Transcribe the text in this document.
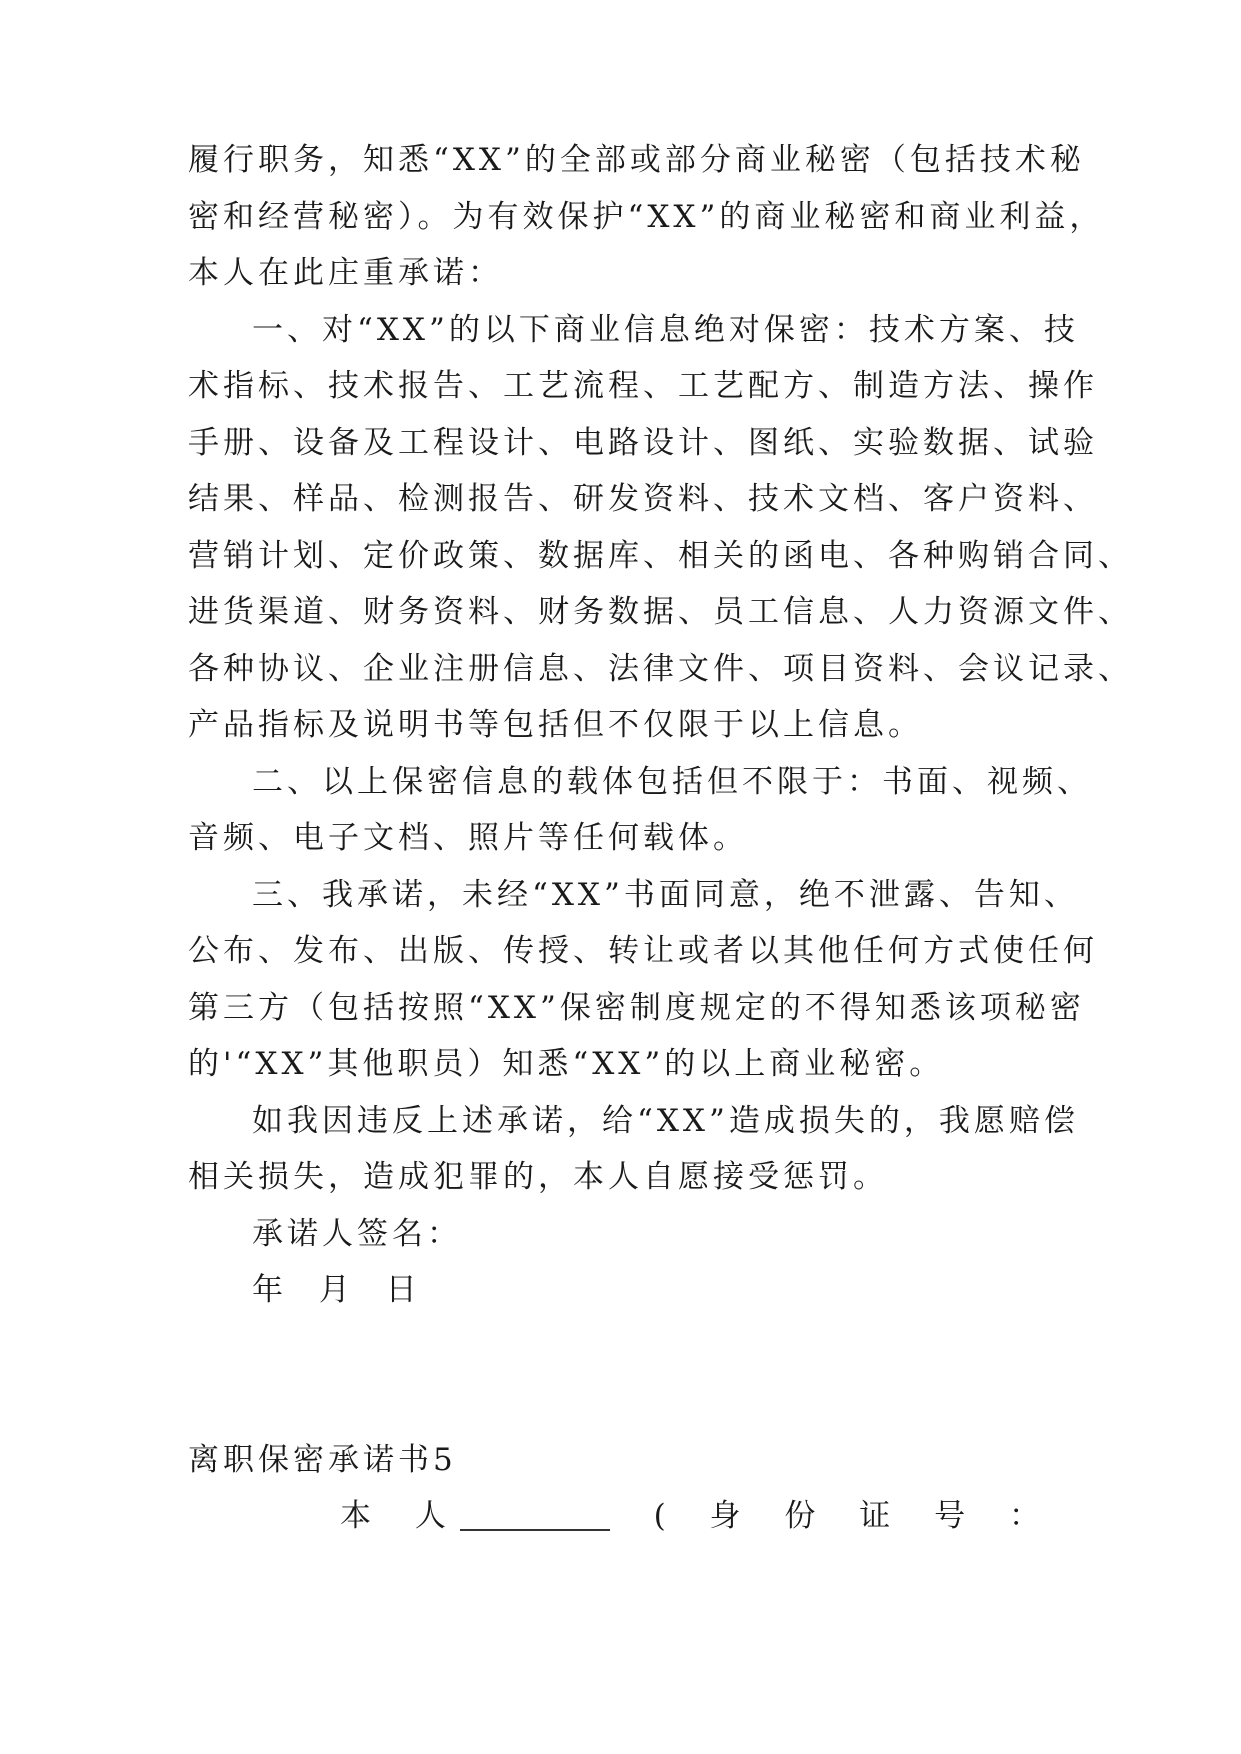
履行职务，知悉“XX”的全部或部分商业秘密（包括技术秘
密和经营秘密）。为有效保护“XX”的商业秘密和商业利益，
本人在此庄重承诺：
一、对“XX”的以下商业信息绝对保密：技术方案、技
术指标、技术报告、工艺流程、工艺配方、制造方法、操作
手册、设备及工程设计、电路设计、图纸、实验数据、试验
结果、样品、检测报告、研发资料、技术文档、客户资料、
营销计划、定价政策、数据库、相关的函电、各种购销合同、
进货渠道、财务资料、财务数据、员工信息、人力资源文件、
各种协议、企业注册信息、法律文件、项目资料、会议记录、
产品指标及说明书等包括但不仅限于以上信息。
二、以上保密信息的载体包括但不限于：书面、视频、
音频、电子文档、照片等任何载体。
三、我承诺，未经“XX”书面同意，绝不泄露、告知、
公布、发布、出版、传授、转让或者以其他任何方式使任何
第三方（包括按照“XX”保密制度规定的不得知悉该项秘密
的'“XX”其他职员）知悉“XX”的以上商业秘密。
如我因违反上述承诺，给“XX”造成损失的，我愿赔偿
相关损失，造成犯罪的，本人自愿接受惩罚。
承诺人签名：
年 月 日
离职保密承诺书5
本 人	( 身 份 证 号 ：
